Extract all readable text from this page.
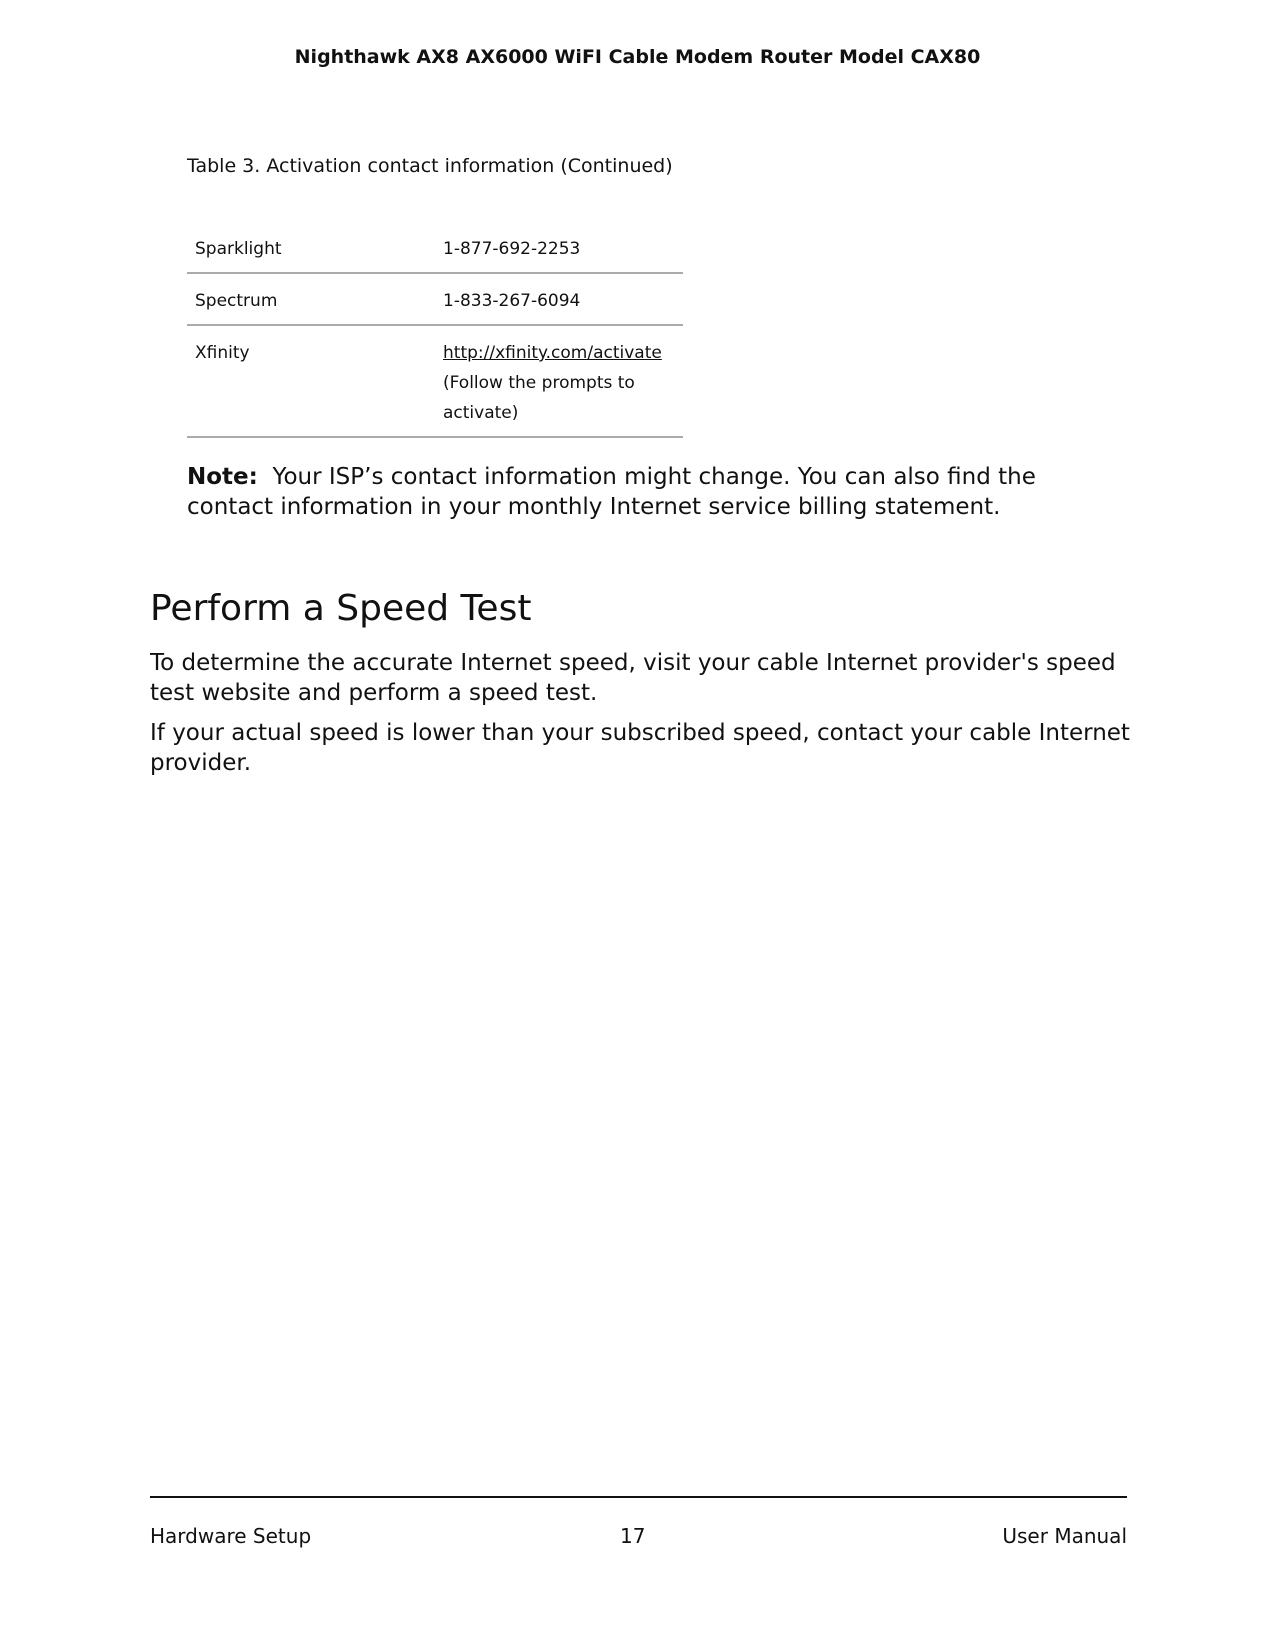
Nighthawk AX8 AX6000 WiFI Cable Modem Router Model CAX80
Table 3. Activation contact information (Continued)
Sparklight	1-877-692-2253
Spectrum	1-833-267-6094
Xfinity	http://xfinity.com/activate
(Follow the prompts to activate)
Note: Your ISP’s contact information might change. You can also find the contact information in your monthly Internet service billing statement.
Perform a Speed Test

To determine the accurate Internet speed, visit your cable Internet provider's speed test website and perform a speed test.

If your actual speed is lower than your subscribed speed, contact your cable Internet provider.

Hardware Setup	17	User Manual
